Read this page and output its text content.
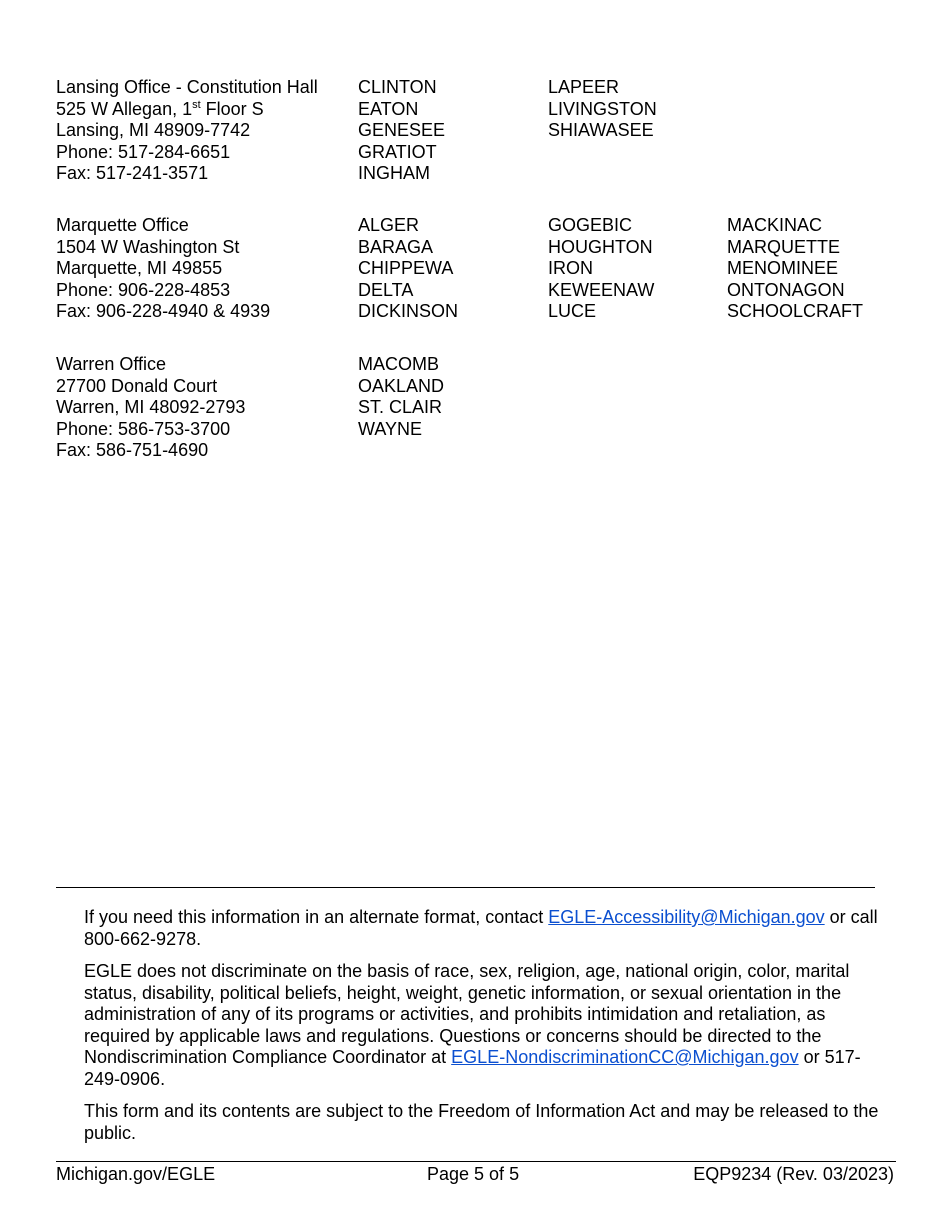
Lansing Office - Constitution Hall
525 W Allegan, 1st Floor S
Lansing, MI 48909-7742
Phone: 517-284-6651
Fax: 517-241-3571
CLINTON
EATON
GENESEE
GRATIOT
INGHAM
LAPEER
LIVINGSTON
SHIAWASEE
Marquette Office
1504 W Washington St
Marquette, MI 49855
Phone: 906-228-4853
Fax: 906-228-4940 & 4939
ALGER
BARAGA
CHIPPEWA
DELTA
DICKINSON
GOGEBIC
HOUGHTON
IRON
KEWEENAW
LUCE
MACKINAC
MARQUETTE
MENOMINEE
ONTONAGON
SCHOOLCRAFT
Warren Office
27700 Donald Court
Warren, MI 48092-2793
Phone: 586-753-3700
Fax: 586-751-4690
MACOMB
OAKLAND
ST. CLAIR
WAYNE

If you need this information in an alternate format, contact EGLE-Accessibility@Michigan.gov or call 800-662-9278.

EGLE does not discriminate on the basis of race, sex, religion, age, national origin, color, marital status, disability, political beliefs, height, weight, genetic information, or sexual orientation in the administration of any of its programs or activities, and prohibits intimidation and retaliation, as required by applicable laws and regulations. Questions or concerns should be directed to the Nondiscrimination Compliance Coordinator at EGLE-NondiscriminationCC@Michigan.gov or 517-249-0906.

This form and its contents are subject to the Freedom of Information Act and may be released to the public.

Michigan.gov/EGLE	Page 5 of 5	EQP9234 (Rev. 03/2023)
